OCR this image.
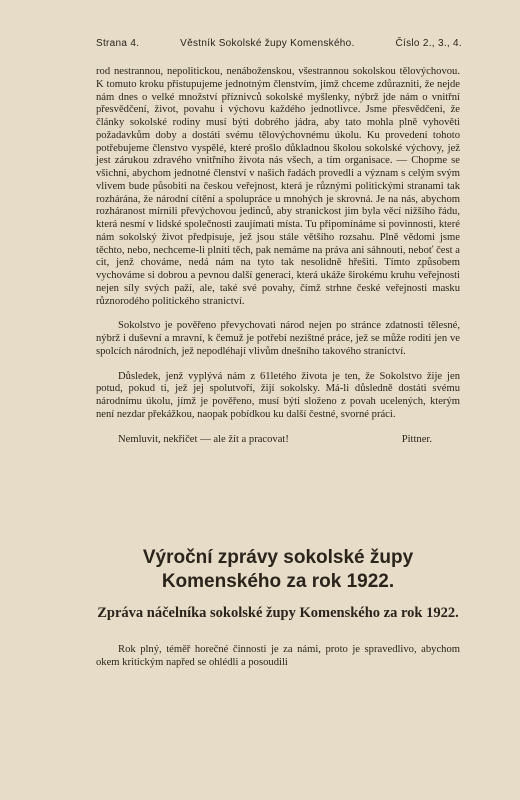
Strana 4.	Věstník Sokolské župy Komenského.	Číslo 2., 3., 4.

rod nestrannou, nepolitickou, nenáboženskou, všestrannou sokolskou tělovýchovou. K tomuto kroku přistupujeme jednotným členstvím, jímž chceme zdůrazniti, že nejde nám dnes o velké množství příznivců sokolské myšlenky, nýbrž jde nám o vnitřní přesvědčení, život, povahu i výchovu každého jednotlivce. Jsme přesvědčeni, že články sokolské rodiny musí býti dobrého jádra, aby tato mohla plně vyhověti požadavkům doby a dostáti svému tělovýchovnému úkolu. Ku provedení tohoto potřebujeme členstvo vyspělé, které prošlo důkladnou školou sokolské výchovy, jež jest zárukou zdravého vnitřního života nás všech, a tím organisace. — Chopme se všichni, abychom jednotné členství v našich řadách provedli a význam s celým svým vlivem bude působiti na českou veřejnost, která je různými politickými stranami tak rozhárána, že národní cítění a spolupráce u mnohých je skrovná. Je na nás, abychom rozháranost mírnili převýchovou jedinců, aby stranickost jim byla věcí nižšího řádu, která nesmí v lidské společnosti zaujímati místa. Tu připomínáme si povinnosti, které nám sokolský život předpisuje, jež jsou stále většího rozsahu. Plně vědomi jsme těchto, nebo, nechceme-li plniti těch, pak nemáme na práva ani sáhnouti, neboť čest a cit, jenž chováme, nedá nám na tyto tak nesolidně hřešiti. Tímto způsobem vychováme si dobrou a pevnou další generaci, která ukáže širokému kruhu veřejnosti nejen síly svých paží, ale, také své povahy, čímž strhne české veřejnosti masku různorodého politického stranictví.

Sokolstvo je pověřeno převychovati národ nejen po stránce zdatnosti tělesné, nýbrž i duševní a mravní, k čemuž je potřebí nezištné práce, jež se může roditi jen ve spolcích národních, jež nepodléhají vlivům dnešního takového stranictví.

Důsledek, jenž vyplývá nám z 61letého života je ten, že Sokolstvo žije jen potud, pokud ti, jež jej spolutvoří, žijí sokolsky. Má-li důsledně dostáti svému národnímu úkolu, jímž je pověřeno, musí býti složeno z povah ucelených, kterým není nezdar překážkou, naopak pobídkou ku další čestné, svorné práci.

Nemluvit, nekřičet — ale žít a pracovat!	Pittner.
Výroční zprávy sokolské župy Komenského za rok 1922.
Zpráva náčelníka sokolské župy Komenského za rok 1922.
Rok plný, téměř horečné činnosti je za námi, proto je spravedlivo, abychom okem kritickým napřed se ohlédli a posoudili
